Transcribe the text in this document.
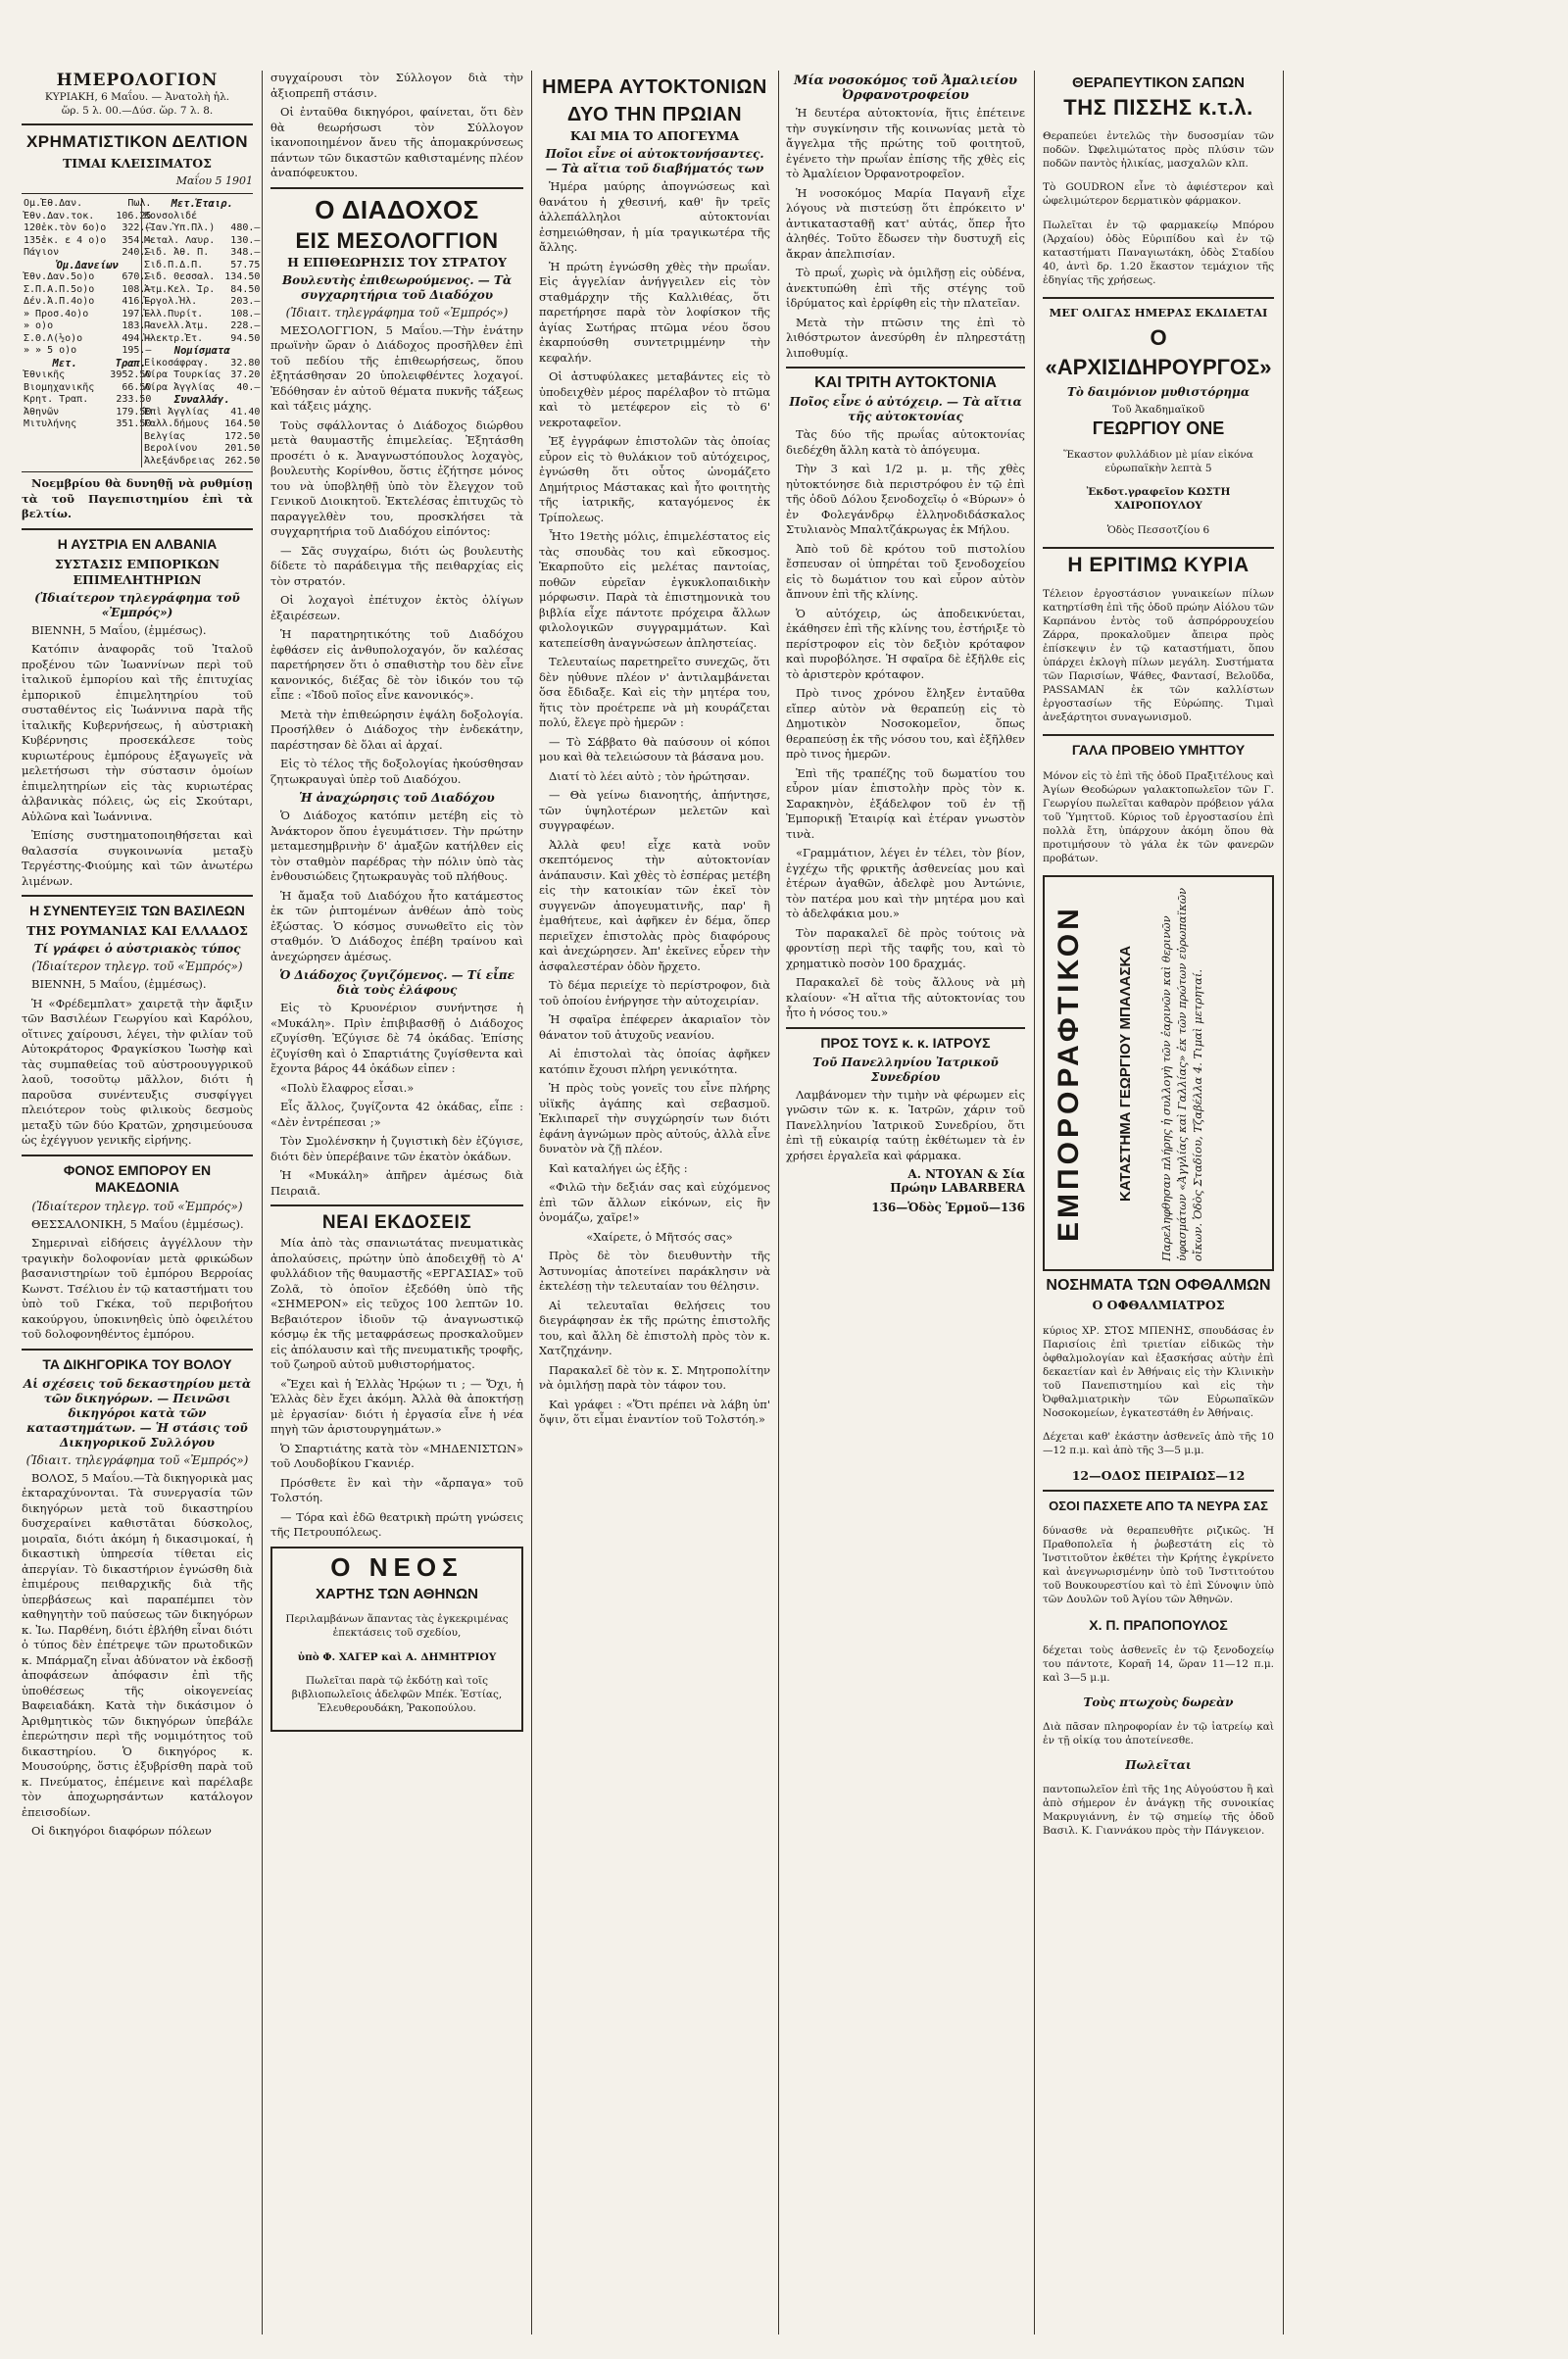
ΗΜΕΡΟΛΟΓΙΟΝ
ΚΥΡΙΑΚΗ, 6 Μαΐου. — Ἀνατολὴ ἡλ.
ὥρ. 5 λ. 00.—Δύσ. ὥρ. 7 λ. 8.
ΧΡΗΜΑΤΙΣΤΙΚΟΝ ΔΕΛΤΙΟΝ
ΤΙΜΑΙ ΚΛΕΙΣΙΜΑΤΟΣ
Μαΐου 5 1901
Ομ.Ἐθ.Δαν.	Πωλ.
Ἐθν.Δαν.τοκ.	106.25
120ἑκ.τὸν 6ο)ο	322.—
135ἑκ. ε 4 ο)ο	354.—
Πάγιον	240.—
Ὁμ.Δανείων	
Ἐθν.Δαν.5ο)ο	670.—
Σ.Π.Α.Π.5ο)ο	108.—
Δέν.Ἀ.Π.4ο)ο	416.—
» Προσ.4ο)ο	197.—
» ο)ο	183.—
Σ.Θ.Λ(½ο)ο	494.—
» » 5 ο)ο	195.—
Μετ.	Τραπ.
Ἐθνικῆς	3952.50
Βιομηχανικῆς	66.50
Κρητ. Τραπ.	233.50
Ἀθηνῶν	179.50
Μιτυλήνης	351.50
Μετ.Ἑταιρ.	
Κονσολιδέ	
(Ἰαν.Ὑπ.Πλ.)	480.—
Μεταλ. Λαυρ.	130.—
Σιδ. Ἀθ. Π.	348.—
Σιδ.Π.Δ.Π.	57.75
Σιδ. Θεσσαλ.	134.50
Ἀτμ.Κελ. Ἰρ.	84.50
Ἐργολ.Ἠλ.	203.—
Ἐλλ.Πυρίτ.	108.—
Πανελλ.Ἀτμ.	228.—
Ἠλεκτρ.Ἐτ.	94.50
Νομίσματα	
Εἰκοσάφραγ.	32.80
Λίρα Τουρκίας	37.20
Λίρα Ἀγγλίας	40.—
Συναλλάγ.	
Ἐπὶ Ἀγγλίας	41.40
Γαλλ.δήμους	164.50
Βελγίας	172.50
Βερολίνου	201.50
Ἀλεξάνδρειας	262.50

Νοεμβρίου θὰ δυνηθῇ νὰ ρυθμίσῃ τὰ τοῦ Παγεπιστημίου ἐπὶ τὰ βελτίω.

Η ΑΥΣΤΡΙΑ ΕΝ ΑΛΒΑΝΙΑ
ΣΥΣΤΑΣΙΣ ΕΜΠΟΡΙΚΩΝ ΕΠΙΜΕΛΗΤΗΡΙΩΝ
(Ἰδιαίτερον τηλεγράφημα τοῦ «Ἐμπρός»)

ΒΙΕΝΝΗ, 5 Μαΐου, (ἐμμέσως).

Κατόπιν ἀναφορᾶς τοῦ Ἰταλοῦ προξένου τῶν Ἰωαννίνων περὶ τοῦ ἰταλικοῦ ἐμπορίου καὶ τῆς ἐπιτυχίας ἐμπορικοῦ ἐπιμελητηρίου τοῦ συσταθέντος εἰς Ἰωάννινα παρὰ τῆς ἰταλικῆς Κυβερνήσεως, ἡ αὐστριακὴ Κυβέρνησις προσεκάλεσε τοὺς κυριωτέρους ἐμπόρους ἐξαγωγεῖς νὰ μελετήσωσι τὴν σύστασιν ὁμοίων ἐπιμελητηρίων εἰς τὰς κυριωτέρας ἀλβανικὰς πόλεις, ὡς εἰς Σκούταρι, Αὐλῶνα καὶ Ἰωάννινα.

Ἐπίσης συστηματοποιηθήσεται καὶ θαλασσία συγκοινωνία μεταξὺ Τεργέστης-Φιούμης καὶ τῶν ἀνωτέρω λιμένων.

Η ΣΥΝΕΝΤΕΥΞΙΣ ΤΩΝ ΒΑΣΙΛΕΩΝ
ΤΗΣ ΡΟΥΜΑΝΙΑΣ ΚΑΙ ΕΛΛΑΔΟΣ
Τί γράφει ὁ αὐστριακὸς τύπος
(Ἰδιαίτερον τηλεγρ. τοῦ «Ἐμπρός»)

ΒΙΕΝΝΗ, 5 Μαΐου, (ἐμμέσως).

Ἡ «Φρέδεμπλατ» χαιρετᾷ τὴν ἄφιξιν τῶν Βασιλέων Γεωργίου καὶ Καρόλου, οἵτινες χαίρουσι, λέγει, τὴν φιλίαν τοῦ Αὐτοκράτορος Φραγκίσκου Ἰωσὴφ καὶ τὰς συμπαθείας τοῦ αὐστροουγγρικοῦ λαοῦ, τοσοῦτῳ μᾶλλον, διότι ἡ παροῦσα συνέντευξις συσφίγγει πλειότερον τοὺς φιλικοὺς δεσμοὺς μεταξὺ τῶν δύο Κρατῶν, χρησιμεύουσα ὡς ἐχέγγυον γενικῆς εἰρήνης.

ΦΟΝΟΣ ΕΜΠΟΡΟΥ ΕΝ ΜΑΚΕΔΟΝΙΑ
(Ἰδιαίτερον τηλεγρ. τοῦ «Ἐμπρός»)

ΘΕΣΣΑΛΟΝΙΚΗ, 5 Μαΐου (ἐμμέσως).

Σημεριναὶ εἰδήσεις ἀγγέλλουν τὴν τραγικὴν δολοφονίαν μετὰ φρικώδων βασανιστηρίων τοῦ ἐμπόρου Βερροίας Κωνστ. Τσέλιου ἐν τῷ καταστήματι του ὑπὸ τοῦ Γκέκα, τοῦ περιβοήτου κακούργου, ὑποκινηθεὶς ὑπὸ ὀφειλέτου τοῦ δολοφονηθέντος ἐμπόρου.

ΤΑ ΔΙΚΗΓΟΡΙΚΑ ΤΟΥ ΒΟΛΟΥ
Αἱ σχέσεις τοῦ δεκαστηρίου μετὰ τῶν δικηγόρων. — Πεινῶσι δικηγόροι κατὰ τῶν καταστημάτων. — Ἡ στάσις τοῦ Δικηγορικοῦ Συλλόγου
(Ἰδιαιτ. τηλεγράφημα τοῦ «Ἐμπρός»)

ΒΟΛΟΣ, 5 Μαΐου.—Τὰ δικηγορικὰ μας ἐκταραχύνονται. Τὰ συνεργασία τῶν δικηγόρων μετὰ τοῦ δικαστηρίου δυσχεραίνει καθιστᾶται δύσκολος, μοιραῖα, διότι ἀκόμη ἡ δικασιμοκαί, ἡ δικαστικὴ ὑπηρεσία τίθεται εἰς ἀπεργίαν. Τὸ δικαστήριον ἐγνώσθη διὰ ἐπιμέρους πειθαρχικῆς διὰ τῆς ὑπερβάσεως καὶ παραπέμπει τὸν καθηγητὴν τοῦ παύσεως τῶν δικηγόρων κ. Ἰω. Παρθένη, διότι ἐβλήθη εἶναι διότι ὁ τύπος δὲν ἐπέτρεψε τῶν πρωτοδικῶν κ. Μπάρμαζη εἶναι ἀδύνατον νὰ ἐκδοσῇ ἀποφάσεων ἀπόφασιν ἐπὶ τῆς ὑποθέσεως τῆς οἰκογενείας Βαφειαδάκη. Κατὰ τὴν δικάσιμον ὁ Ἀριθμητικὸς τῶν δικηγόρων ὑπεβάλε ἐπερώτησιν περὶ τῆς νομιμότητος τοῦ δικαστηρίου. Ὁ δικηγόρος κ. Μουσούρης, ὅστις ἐξυβρίσθη παρὰ τοῦ κ. Πνεύματος, ἐπέμεινε καὶ παρέλαβε τὸν ἀποχωρησάντων κατάλογον ἐπεισοδίων.

Οἱ δικηγόροι διαφόρων πόλεων

συγχαίρουσι τὸν Σύλλογον διὰ τὴν ἀξιοπρεπῆ στάσιν.

Οἱ ἐνταῦθα δικηγόροι, φαίνεται, ὅτι δὲν θὰ θεωρήσωσι τὸν Σύλλογον ἱκανοποιημένον ἄνευ τῆς ἀπομακρύνσεως πάντων τῶν δικαστῶν καθισταμένης πλέον ἀναπόφευκτου.

Ο ΔΙΑΔΟΧΟΣ
ΕΙΣ ΜΕΣΟΛΟΓΓΙΟΝ
Η ΕΠΙΘΕΩΡΗΣΙΣ ΤΟΥ ΣΤΡΑΤΟΥ
Βουλευτὴς ἐπιθεωρούμενος. — Τὰ συγχαρητήρια τοῦ Διαδόχου
(Ἰδιαιτ. τηλεγράφημα τοῦ «Ἐμπρός»)

ΜΕΣΟΛΟΓΓΙΟΝ, 5 Μαΐου.—Τὴν ἐνάτην πρωϊνὴν ὥραν ὁ Διάδοχος προσῆλθεν ἐπὶ τοῦ πεδίου τῆς ἐπιθεωρήσεως, ὅπου ἐξητάσθησαν 20 ὑπολειφθέντες λοχαγοί. Ἐδόθησαν ἐν αὐτοῦ θέματα πυκνῆς τάξεως καὶ τάξεις μάχης.

Τοὺς σφάλλοντας ὁ Διάδοχος διώρθου μετὰ θαυμαστῆς ἐπιμελείας. Ἐξητάσθη προσέτι ὁ κ. Ἀναγνωστόπουλος λοχαγὸς, βουλευτὴς Κορίνθου, ὅστις ἐζήτησε μόνος του νὰ ὑποβληθῇ ὑπὸ τὸν ἔλεγχον τοῦ Γενικοῦ Διοικητοῦ. Ἐκτελέσας ἐπιτυχῶς τὸ παραγγελθὲν του, προσκλήσει τὰ συγχαρητήρια τοῦ Διαδόχου εἰπόντος:

— Σᾶς συγχαίρω, διότι ὡς βουλευτὴς δίδετε τὸ παράδειγμα τῆς πειθαρχίας εἰς τὸν στρατόν.

Οἱ λοχαγοὶ ἐπέτυχον ἐκτὸς ὀλίγων ἐξαιρέσεων.

Ἡ παρατηρητικότης τοῦ Διαδόχου ἐφθάσεν εἰς ἀνθυπολοχαγόν, ὅν καλέσας παρετήρησεν ὅτι ὁ σπαθιστὴρ του δὲν εἶνε κανονικός, διέξας δὲ τὸν ἰδικόν του τῷ εἶπε : «Ἰδοῦ ποῖος εἶνε κανονικός».

Μετὰ τὴν ἐπιθεώρησιν ἐψάλη δοξολογία. Προσήλθεν ὁ Διάδοχος τὴν ἐνδεκάτην, παρέστησαν δὲ ὅλαι αἱ ἀρχαί.

Εἰς τὸ τέλος τῆς δοξολογίας ἠκούσθησαν ζητωκραυγαὶ ὑπὲρ τοῦ Διαδόχου.

Ἡ ἀναχώρησις τοῦ Διαδόχου

Ὁ Διάδοχος κατόπιν μετέβη εἰς τὸ Ἀνάκτορον ὅπου ἐγευμάτισεν. Τὴν πρώτην μεταμεσημβρινὴν δ' ἀμαξῶν κατήλθεν εἰς τὸν σταθμὸν παρέδρας τὴν πόλιν ὑπὸ τὰς ἐνθουσιώδεις ζητωκραυγὰς τοῦ πλήθους.

Ἡ ἄμαξα τοῦ Διαδόχου ἦτο κατάμεστος ἐκ τῶν ῥιπτομένων ἀνθέων ἀπὸ τοὺς ἐξώστας. Ὁ κόσμος συνωθεῖτο εἰς τὸν σταθμόν. Ὁ Διάδοχος ἐπέβη τραίνου καὶ ἀνεχώρησεν ἀμέσως.

Ὁ Διάδοχος ζυγιζόμενος. — Τί εἶπε διὰ τοὺς ἐλάφους

Εἰς τὸ Κρυονέριον συνήντησε ἡ «Μυκάλη». Πρὶν ἐπιβιβασθῇ ὁ Διάδοχος εζυγίσθη. Ἐζύγισε δὲ 74 ὀκάδας. Ἐπίσης ἐζυγίσθη καὶ ὁ Σπαρτιάτης ζυγίσθεντα καὶ ἔχοντα βάρος 44 ὀκάδων εἰπεν :

«Πολὺ ἔλαφρος εἶσαι.»

Εἷς ἄλλος, ζυγίζοντα 42 ὀκάδας, εἶπε : «Δὲν ἐντρέπεσαι ;»

Τὸν Σμολένσκην ἡ ζυγιστικὴ δὲν ἐζύγισε, διότι δὲν ὑπερέβαινε τῶν ἑκατὸν ὀκάδων.

Ἡ «Μυκάλη» ἀπῆρεν ἀμέσως διὰ Πειραιᾶ.

ΝΕΑΙ ΕΚΔΟΣΕΙΣ

Μία ἀπὸ τὰς σπανιωτάτας πνευματικὰς ἀπολαύσεις, πρώτην ὑπὸ ἀποδειχθῇ τὸ Α' φυλλάδιον τῆς θαυμαστῆς «ΕΡΓΑΣΙΑΣ» τοῦ Ζολᾶ, τὸ ὁποῖον ἐξεδόθη ὑπὸ τῆς «ΣΗΜΕΡΟΝ» εἰς τεῦχος 100 λεπτῶν 10. Βεβαιότερον ἰδιοῦν τῷ ἀναγνωστικῷ κόσμῳ ἐκ τῆς μεταφράσεως προσκαλοῦμεν εἰς ἀπόλαυσιν καὶ τῆς πνευματικῆς τροφῆς, τοῦ ζωηροῦ αὐτοῦ μυθιστορήματος.

«Ἔχει καὶ ἡ Ἑλλὰς Ἡρῴων τι ; — Ὄχι, ἡ Ἑλλὰς δὲν ἔχει ἀκόμη. Ἀλλὰ θὰ ἀποκτήσῃ μὲ ἐργασίαν· διότι ἡ ἐργασία εἶνε ἡ νέα πηγὴ τῶν ἀριστουργημάτων.»

Ὁ Σπαρτιάτης κατὰ τὸν «ΜΗΔΕΝΙΣΤΩΝ» τοῦ Λουδοβίκου Γκανιέρ.

Πρόσθετε ἓν καὶ τὴν «ἄρπαγα» τοῦ Τολστόη.

— Τόρα καὶ ἐδῶ θεατρικὴ πρώτη γνώσεις τῆς Πετρουπόλεως.

Ο ΝΕΟΣ
ΧΑΡΤΗΣ ΤΩΝ ΑΘΗΝΩΝ

Περιλαμβάνων ἅπαντας τὰς ἐγκεκριμένας ἐπεκτάσεις τοῦ σχεδίου,

ὑπὸ Φ. ΧΑΓΕΡ καὶ Α. ΔΗΜΗΤΡΙΟΥ

Πωλεῖται παρὰ τῷ ἐκδότῃ καὶ τοῖς βιβλιοπωλεῖοις ἀδελφῶν Μπέκ. Ἐστίας, Ἐλευθερουδάκη, Ῥακοπούλου.

ΗΜΕΡΑ ΑΥΤΟΚΤΟΝΙΩΝ
ΔΥΟ ΤΗΝ ΠΡΩΙΑΝ
ΚΑΙ ΜΙΑ ΤΟ ΑΠΟΓΕΥΜΑ
Ποῖοι εἶνε οἱ αὐτοκτονήσαντες. — Τὰ αἴτια τοῦ διαβήματός των

Ἡμέρα μαύρης ἀπογνώσεως καὶ θανάτου ἡ χθεσινή, καθ' ἣν τρεῖς ἀλλεπάλληλοι αὐτοκτονίαι ἐσημειώθησαν, ἡ μία τραγικωτέρα τῆς ἄλλης.

Ἡ πρώτη ἐγνώσθη χθὲς τὴν πρωΐαν. Εἰς ἀγγελίαν ἀνήγγειλεν εἰς τὸν σταθμάρχην τῆς Καλλιθέας, ὅτι παρετήρησε παρὰ τὸν λοφίσκον τῆς ἀγίας Σωτήρας πτῶμα νέου ὅσου ἐκαρπούσθη συντετριμμένην τὴν κεφαλήν.

Οἱ ἀστυφύλακες μεταβάντες εἰς τὸ ὑποδειχθὲν μέρος παρέλαβον τὸ πτῶμα καὶ τὸ μετέφερον εἰς τὸ 6' νεκροταφεῖον.

Ἐξ ἐγγράφων ἐπιστολῶν τὰς ὁποίας εὗρον εἰς τὸ θυλάκιον τοῦ αὐτόχειρος, ἐγνώσθη ὅτι οὗτος ὠνομάζετο Δημήτριος Μάστακας καὶ ἦτο φοιτητὴς τῆς ἰατρικῆς, καταγόμενος ἐκ Τρίπολεως.

Ἦτο 19ετὴς μόλις, ἐπιμελέστατος εἰς τὰς σπουδὰς του καὶ εὔκοσμος. Ἐκαρποῦτο εἰς μελέτας παντοίας, ποθῶν εὐρεῖαν ἐγκυκλοπαιδικὴν μόρφωσιν. Παρὰ τὰ ἐπιστημονικὰ του βιβλία εἶχε πάντοτε πρόχειρα ἄλλων φιλολογικῶν συγγραμμάτων. Καὶ κατεπείσθη ἀναγνώσεων ἀπληστείας.

Τελευταίως παρετηρεῖτο συνεχῶς, ὅτι δὲν ηὐθυνε πλέον ν' ἀντιλαμβάνεται ὅσα ἔδιδαξε. Καὶ εἰς τὴν μητέρα του, ἥτις τὸν προέτρεπε νὰ μὴ κουράζεται πολύ, ἔλεγε πρὸ ἡμερῶν :

— Τὸ Σάββατο θὰ παύσουν οἱ κόποι μου καὶ θὰ τελειώσουν τὰ βάσανα μου.

Διατί τὸ λέει αὐτὸ ; τὸν ἠρώτησαν.

— Θὰ γείνω διανοητής, ἀπήντησε, τῶν ὑψηλοτέρων μελετῶν καὶ συγγραφέων.

Ἀλλὰ φευ! εἶχε κατὰ νοῦν σκεπτόμενος τὴν αὐτοκτονίαν ἀνάπαυσιν. Καὶ χθὲς τὸ ἑσπέρας μετέβη εἰς τὴν κατοικίαν τῶν ἐκεῖ τὸν συγγενῶν ἀπογευματινῆς, παρ' ἣ ἐμαθήτευε, καὶ ἀφῆκεν ἐν δέμα, ὅπερ περιεῖχεν ἐπιστολὰς πρὸς διαφόρους καὶ ἀνεχώρησεν. Ἀπ' ἐκεῖνες εὗρεν τὴν ἀσφαλεστέραν ὁδὸν ἤρχετο.

Τὸ δέμα περιείχε τὸ περίστροφον, διὰ τοῦ ὁποίου ἐνήργησε τὴν αὐτοχειρίαν.

Ἡ σφαῖρα ἐπέφερεν ἀκαριαῖον τὸν θάνατον τοῦ ἀτυχοῦς νεανίου.

Αἱ ἐπιστολαὶ τὰς ὁποίας ἀφῆκεν κατόπιν ἔχουσι πλήρη γενικότητα.

Ἡ πρὸς τοὺς γονεῖς του εἶνε πλήρης υἱϊκῆς ἀγάπης καὶ σεβασμοῦ. Ἐκλιπαρεῖ τὴν συγχώρησίν των διότι ἐφάνη ἀγνώμων πρὸς αὐτούς, ἀλλὰ εἶνε δυνατὸν νὰ ζῇ πλέον.

Καὶ καταλήγει ὡς ἑξῆς :

«Φιλῶ τὴν δεξιάν σας καὶ εὐχόμενος ἐπὶ τῶν ἄλλων εἰκόνων, εἰς ἣν ὀνομάζω, χαῖρε!»

«Χαίρετε, ὁ Μῆτσός σας»

Πρὸς δὲ τὸν διευθυντὴν τῆς Ἀστυνομίας ἀποτείνει παράκλησιν νὰ ἐκτελέσῃ τὴν τελευταίαν του θέλησιν.

Αἱ τελευταῖαι θελήσεις του διεγράφησαν ἐκ τῆς πρώτης ἐπιστολῆς του, καὶ ἄλλη δὲ ἐπιστολὴ πρὸς τὸν κ. Χατζηχάνην.

Παρακαλεῖ δὲ τὸν κ. Σ. Μητροπολίτην νὰ ὁμιλήσῃ παρὰ τὸν τάφον του.

Καὶ γράφει : «Ὅτι πρέπει νὰ λάβη ὑπ' ὄψιν, ὅτι εἶμαι ἐναντίον τοῦ Τολστόη.»

Μία νοσοκόμος τοῦ Ἀμαλιείου Ὀρφανοτροφείου

Ἡ δευτέρα αὐτοκτονία, ἥτις ἐπέτεινε τὴν συγκίνησιν τῆς κοινωνίας μετὰ τὸ ἄγγελμα τῆς πρώτης τοῦ φοιτητοῦ, ἐγένετο τὴν πρωΐαν ἐπίσης τῆς χθὲς εἰς τὸ Ἀμαλίειον Ὀρφανοτροφεῖον.

Ἡ νοσοκόμος Μαρία Παγανῆ εἶχε λόγους νὰ πιστεύσῃ ὅτι ἐπρόκειτο ν' ἀντικατασταθῇ κατ' αὐτάς, ὅπερ ἦτο ἀληθές. Τοῦτο ἔδωσεν τὴν δυστυχῆ εἰς ἄκραν ἀπελπισίαν.

Τὸ πρωΐ, χωρὶς νὰ ὁμιλῆσῃ εἰς οὐδένα, ἀνεκτυπώθη ἐπὶ τῆς στέγης τοῦ ἱδρύματος καὶ ἐρρίφθη εἰς τὴν πλατεῖαν.

Μετὰ τὴν πτῶσιν της ἐπὶ τὸ λιθόστρωτον ἀνεσύρθη ἐν πληρεστάτῃ λιποθυμίᾳ.

ΚΑΙ ΤΡΙΤΗ ΑΥΤΟΚΤΟΝΙΑ
Ποῖος εἶνε ὁ αὐτόχειρ. — Τὰ αἴτια τῆς αὐτοκτονίας

Τὰς δύο τῆς πρωΐας αὐτοκτονίας διεδέχθη ἄλλη κατὰ τὸ ἀπόγευμα.

Τὴν 3 καὶ 1/2 μ. μ. τῆς χθὲς ηὐτοκτόνησε διὰ περιστρόφου ἐν τῷ ἐπὶ τῆς ὁδοῦ Δόλου ξενοδοχεῖῳ ὁ «Βύρων» ὁ ἐν Φολεγάνδρῳ ἐλληνοδιδάσκαλος Στυλιανὸς Μπαλτζάκρωγας ἐκ Μήλου.

Ἀπὸ τοῦ δὲ κρότου τοῦ πιστολίου ἔσπευσαν οἱ ὑπηρέται τοῦ ξενοδοχείου εἰς τὸ δωμάτιον του καὶ εὗρον αὐτὸν ἄπνουν ἐπὶ τῆς κλίνης.

Ὁ αὐτόχειρ, ὡς ἀποδεικνύεται, ἐκάθησεν ἐπὶ τῆς κλίνης του, ἐστήριξε τὸ περίστροφον εἰς τὸν δεξιὸν κρόταφον καὶ πυροβόλησε. Ἡ σφαῖρα δὲ ἐξῆλθε εἰς τὸ ἀριστερὸν κρόταφον.

Πρὸ τινος χρόνου ἔληξεν ἐνταῦθα εἴπερ αὐτὸν νὰ θεραπεύῃ εἰς τὸ Δημοτικὸν Νοσοκομεῖον, ὅπως θεραπεύσῃ ἐκ τῆς νόσου του, καὶ ἐξῆλθεν πρὸ τινος ἡμερῶν.

Ἐπὶ τῆς τραπέζης τοῦ δωματίου του εὗρον μίαν ἐπιστολὴν πρὸς τὸν κ. Σαρακηνὸν, ἐξάδελφον τοῦ ἐν τῇ Ἐμπορικῇ Ἑταιρίᾳ καὶ ἑτέραν γνωστὸν τινὰ.

«Γραμμάτιον, λέγει ἐν τέλει, τὸν βίον, ἐγχέχω τῆς φρικτῆς ἀσθενείας μου καὶ ἐτέρων ἀγαθῶν, ἀδελφὲ μου Ἀντώνιε, τὸν πατέρα μου καὶ τὴν μητέρα μου καὶ τὸ ἀδελφάκια μου.»

Τὸν παρακαλεῖ δὲ πρὸς τούτοις νὰ φροντίσῃ περὶ τῆς ταφῆς του, καὶ τὸ χρηματικὸ ποσὸν 100 δραχμάς.

Παρακαλεῖ δὲ τοὺς ἄλλους νὰ μὴ κλαίουν· «Ἡ αἴτια τῆς αὐτοκτονίας του ἦτο ἡ νόσος του.»

ΠΡΟΣ ΤΟΥΣ κ. κ. ΙΑΤΡΟΥΣ
Τοῦ Πανελληνίου Ἰατρικοῦ Συνεδρίου

Λαμβάνομεν τὴν τιμὴν νὰ φέρωμεν εἰς γνῶσιν τῶν κ. κ. Ἰατρῶν, χάριν τοῦ Πανελληνίου Ἰατρικοῦ Συνεδρίου, ὅτι ἐπὶ τῇ εὐκαιρίᾳ ταύτῃ ἐκθέτωμεν τὰ ἐν χρήσει ἐργαλεῖα καὶ φάρμακα.

Α. ΝΤΟΥΑΝ & Σία
Πρώην LABARBERA
136—Ὁδὸς Ἑρμοῦ—136
ΘΕΡΑΠΕΥΤΙΚΟΝ ΣΑΠΩΝ
ΤΗΣ ΠΙΣΣΗΣ κ.τ.λ.

Θεραπεύει ἐντελῶς τὴν δυσοσμίαν τῶν ποδῶν. Ὠφελιμώτατος πρὸς πλύσιν τῶν ποδῶν παντὸς ἡλικίας, μασχαλῶν κλπ.

Τὸ GOUDRON εἶνε τὸ ἀφιέστερον καὶ ὠφελιμώτερον δερματικὸν φάρμακον.

Πωλεῖται ἐν τῷ φαρμακείῳ Μπόρου (Ἀρχαίου) ὁδὸς Εὐριπίδου καὶ ἐν τῷ καταστήματι Παναγιωτάκη, ὁδὸς Σταδίου 40, ἀντὶ δρ. 1.20 ἕκαστον τεμάχιον τῆς ἐδηγίας τῆς χρήσεως.

ΜΕΓ ΟΛΙΓΑΣ ΗΜΕΡΑΣ ΕΚΔΙΔΕΤΑΙ
Ο «ΑΡΧΙΣΙΔΗΡΟΥΡΓΟΣ»
Τὸ δαιμόνιον μυθιστόρημα
Τοῦ Ἀκαδημαϊκοῦ
ΓΕΩΡΓΙΟΥ ΟΝΕ

Ἕκαστον φυλλάδιον μὲ μίαν εἰκόνα εὐρωπαϊκὴν λεπτὰ 5

Ἐκδοτ.γραφεῖον ΚΩΣΤΗ ΧΑΙΡΟΠΟΥΛΟΥ

Ὁδὸς Πεσσοτζίου 6

Η ΕΡΙΤΙΜΩ ΚΥΡΙΑ

Τέλειον ἐργοστάσιον γυναικείων πίλων κατηρτίσθη ἐπὶ τῆς ὁδοῦ πρώην Αἰόλου τῶν Καρπάνου ἐντὸς τοῦ ἀσπρόρρουχείου Ζάρρα, προκαλοῦμεν ἄπειρα πρὸς ἐπίσκεψιν ἐν τῷ καταστήματι, ὅπου ὑπάρχει ἐκλογὴ πίλων μεγάλη. Συστήματα τῶν Παρισίων, Ψάθες, Φαντασί, Βελοῦδα, PASSAMAN ἐκ τῶν καλλίστων ἐργοστασίων τῆς Εὐρώπης. Τιμαὶ ἀνεξάρτητοι συναγωνισμοῦ.

ΓΑΛΑ ΠΡΟΒΕΙΟ ΥΜΗΤΤΟΥ

Μόνον εἰς τὸ ἐπὶ τῆς ὁδοῦ Πραξιτέλους καὶ Ἀγίων Θεοδώρων γαλακτοπωλεῖον τῶν Γ. Γεωργίου πωλεῖται καθαρὸν πρόβειον γάλα τοῦ Ὑμηττοῦ. Κύριος τοῦ ἐργοστασίου ἐπὶ πολλὰ ἔτη, ὑπάρχουν ἀκόμη ὅπου θὰ προτιμήσουν τὸ γάλα ἐκ τῶν φανερῶν προβάτων.

ΕΜΠΟΡΟΡΑΦΤΙΚΟΝ	ΚΑΤΑΣΤΗΜΑ ΓΕΩΡΓΙΟΥ ΜΠΑΛΑΣΚΑ	Παρεληφθησαν πλήρης ἡ συλλογὴ τῶν ἐαρινῶν καὶ θερινῶν ὑφασμάτων «Ἀγγλίας καὶ Γαλλίας» ἐκ τῶν πρώτων εὐρωπαϊκῶν οἴκων. Ὁδὸς Σταδίου, Τζαβέλλα 4. Τιμαὶ μετρηταί.
ΝΟΣΗΜΑΤΑ ΤΩΝ ΟΦΘΑΛΜΩΝ
Ο ΟΦΘΑΛΜΙΑΤΡΟΣ

κύριος ΧΡ. ΣΤΟΣ ΜΠΕΝΗΣ, σπουδάσας ἐν Παρισίοις ἐπὶ τριετίαν εἰδικῶς τὴν ὀφθαλμολογίαν καὶ ἐξασκήσας αὐτὴν ἐπὶ δεκαετίαν καὶ ἐν Ἀθήναις εἰς τὴν Κλινικὴν τοῦ Πανεπιστημίου καὶ εἰς τὴν Ὀφθαλμιατρικὴν τῶν Εὐρωπαϊκῶν Νοσοκομείων, ἐγκατεστάθη ἐν Ἀθήναις.

Δέχεται καθ' ἑκάστην ἀσθενεῖς ἀπὸ τῆς 10—12 π.μ. καὶ ἀπὸ τῆς 3—5 μ.μ.

12—ΟΔΟΣ ΠΕΙΡΑΙΩΣ—12
ΟΣΟΙ ΠΑΣΧΕΤΕ ΑΠΟ ΤΑ ΝΕΥΡΑ ΣΑΣ

δύνασθε νὰ θεραπευθῆτε ριζικῶς. Ἡ Πραθοπολεῖα ἡ ῥωβεστάτη εἰς τὸ Ἰνστιτοῦτον ἐκθέτει τὴν Κρήτης ἐγκρίνετο καὶ ἀνεγνωρισμένην ὑπὸ τοῦ Ἰνστιτούτου τοῦ Βουκουρεστίου καὶ τὸ ἐπὶ Σύνοψιν ὑπὸ τῶν Δουλῶν τοῦ Ἀγίου τῶν Ἀθηνῶν.

Χ. Π. ΠΡΑΠΟΠΟΥΛΟΣ

δέχεται τοὺς ἀσθενεῖς ἐν τῷ ξενοδοχείῳ του πάντοτε, Κοραῆ 14, ὥραν 11—12 π.μ. καὶ 3—5 μ.μ.

Τοὺς πτωχοὺς δωρεὰν

Διὰ πᾶσαν πληροφορίαν ἐν τῷ ἰατρείῳ καὶ ἐν τῇ οἰκίᾳ του ἀποτείνεσθε.

Πωλεῖται

παντοπωλεῖον ἐπὶ τῆς 1ης Αὐγούστου ἢ καὶ ἀπὸ σήμερον ἐν ἀνάγκῃ τῆς συνοικίας Μακρυγιάννη, ἐν τῷ σημείῳ τῆς ὁδοῦ Βασιλ. Κ. Γιαννάκου πρὸς τὴν Πάνγκειον.
